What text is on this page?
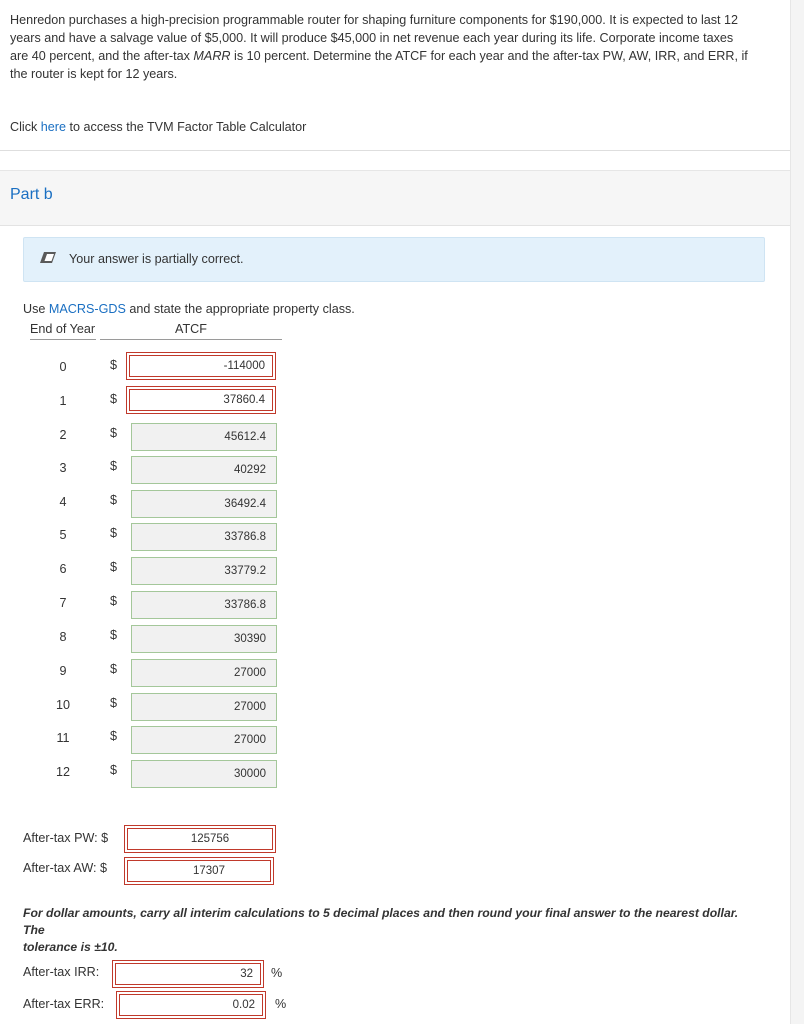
Henredon purchases a high-precision programmable router for shaping furniture components for $190,000. It is expected to last 12
years and have a salvage value of $5,000. It will produce $45,000 in net revenue each year during its life. Corporate income taxes
are 40 percent, and the after-tax MARR is 10 percent. Determine the ATCF for each year and the after-tax PW, AW, IRR, and ERR, if
the router is kept for 12 years.
Click here to access the TVM Factor Table Calculator
Part b
Your answer is partially correct.
Use MACRS-GDS and state the appropriate property class.
End of Year	ATCF
0	$	-114000
1	$	37860.4
2	$	45612.4
3	$	40292
4	$	36492.4
5	$	33786.8
6	$	33779.2
7	$	33786.8
8	$	30390
9	$	27000
10	$	27000
11	$	27000
12	$	30000
After-tax PW: $	125756
After-tax AW: $	17307
For dollar amounts, carry all interim calculations to 5 decimal places and then round your final answer to the nearest dollar. The
tolerance is ±10.
After-tax IRR:	32	%
After-tax ERR:	0.02	%
